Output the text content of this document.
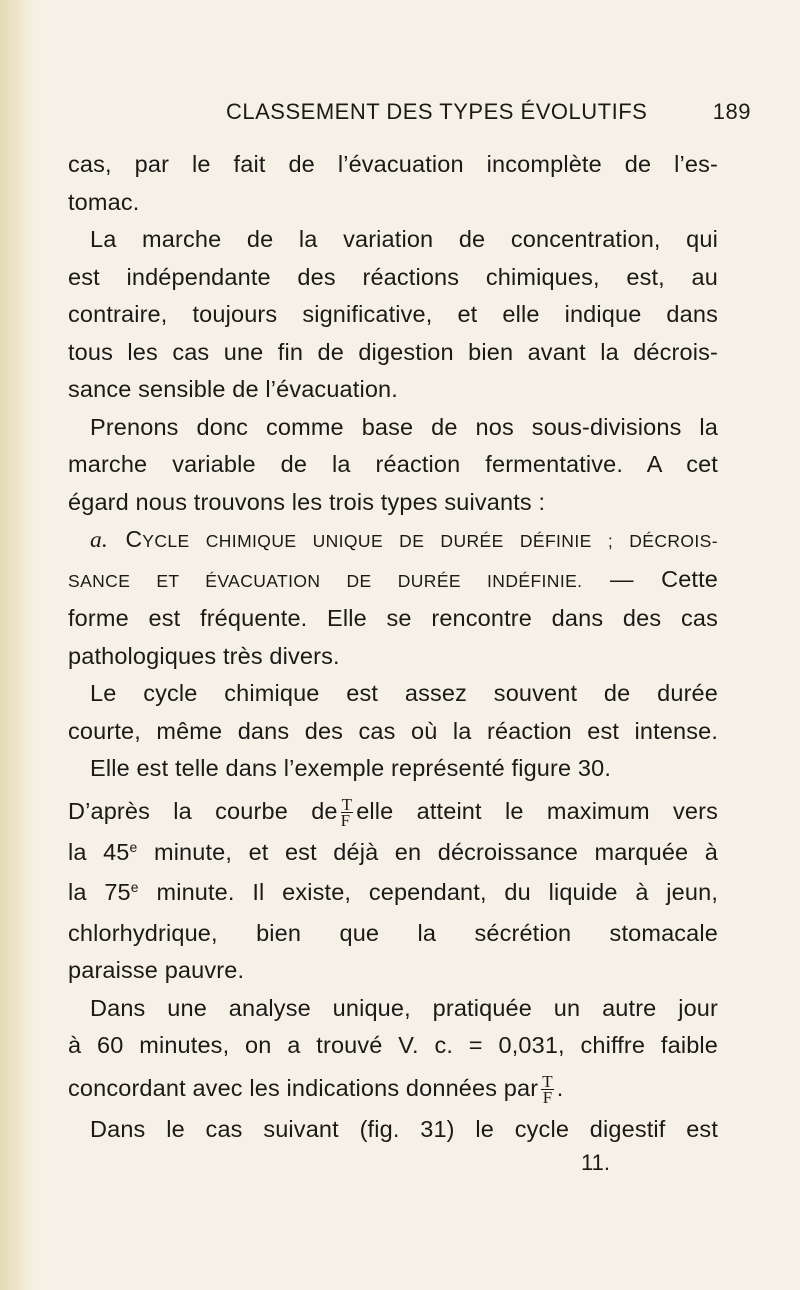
CLASSEMENT DES TYPES ÉVOLUTIFS	189

cas, par le fait de l’évacuation incomplète de l’es-
tomac.

La marche de la variation de concentration, qui
est indépendante des réactions chimiques, est, au
contraire, toujours significative, et elle indique dans
tous les cas une fin de digestion bien avant la décrois-
sance sensible de l’évacuation.

Prenons donc comme base de nos sous-divisions la
marche variable de la réaction fermentative. A cet
égard nous trouvons les trois types suivants :

a. CYCLE CHIMIQUE UNIQUE DE DURÉE DÉFINIE ; DÉCROIS-
SANCE ET ÉVACUATION DE DURÉE INDÉFINIE. — Cette
forme est fréquente. Elle se rencontre dans des cas
pathologiques très divers.

Le cycle chimique est assez souvent de durée
courte, même dans des cas où la réaction est intense.
Elle est telle dans l’exemple représenté figure 30.
D’après la courbe de $\frac{T}{F}$ elle atteint le maximum vers
la 45e minute, et est déjà en décroissance marquée à
la 75e minute. Il existe, cependant, du liquide à jeun,
chlorhydrique, bien que la sécrétion stomacale
paraisse pauvre.

Dans une analyse unique, pratiquée un autre jour
à 60 minutes, on a trouvé V. c. = 0,031, chiffre faible
concordant avec les indications données par $\frac{T}{F}$ .

Dans le cas suivant (fig. 31) le cycle digestif est

11.
